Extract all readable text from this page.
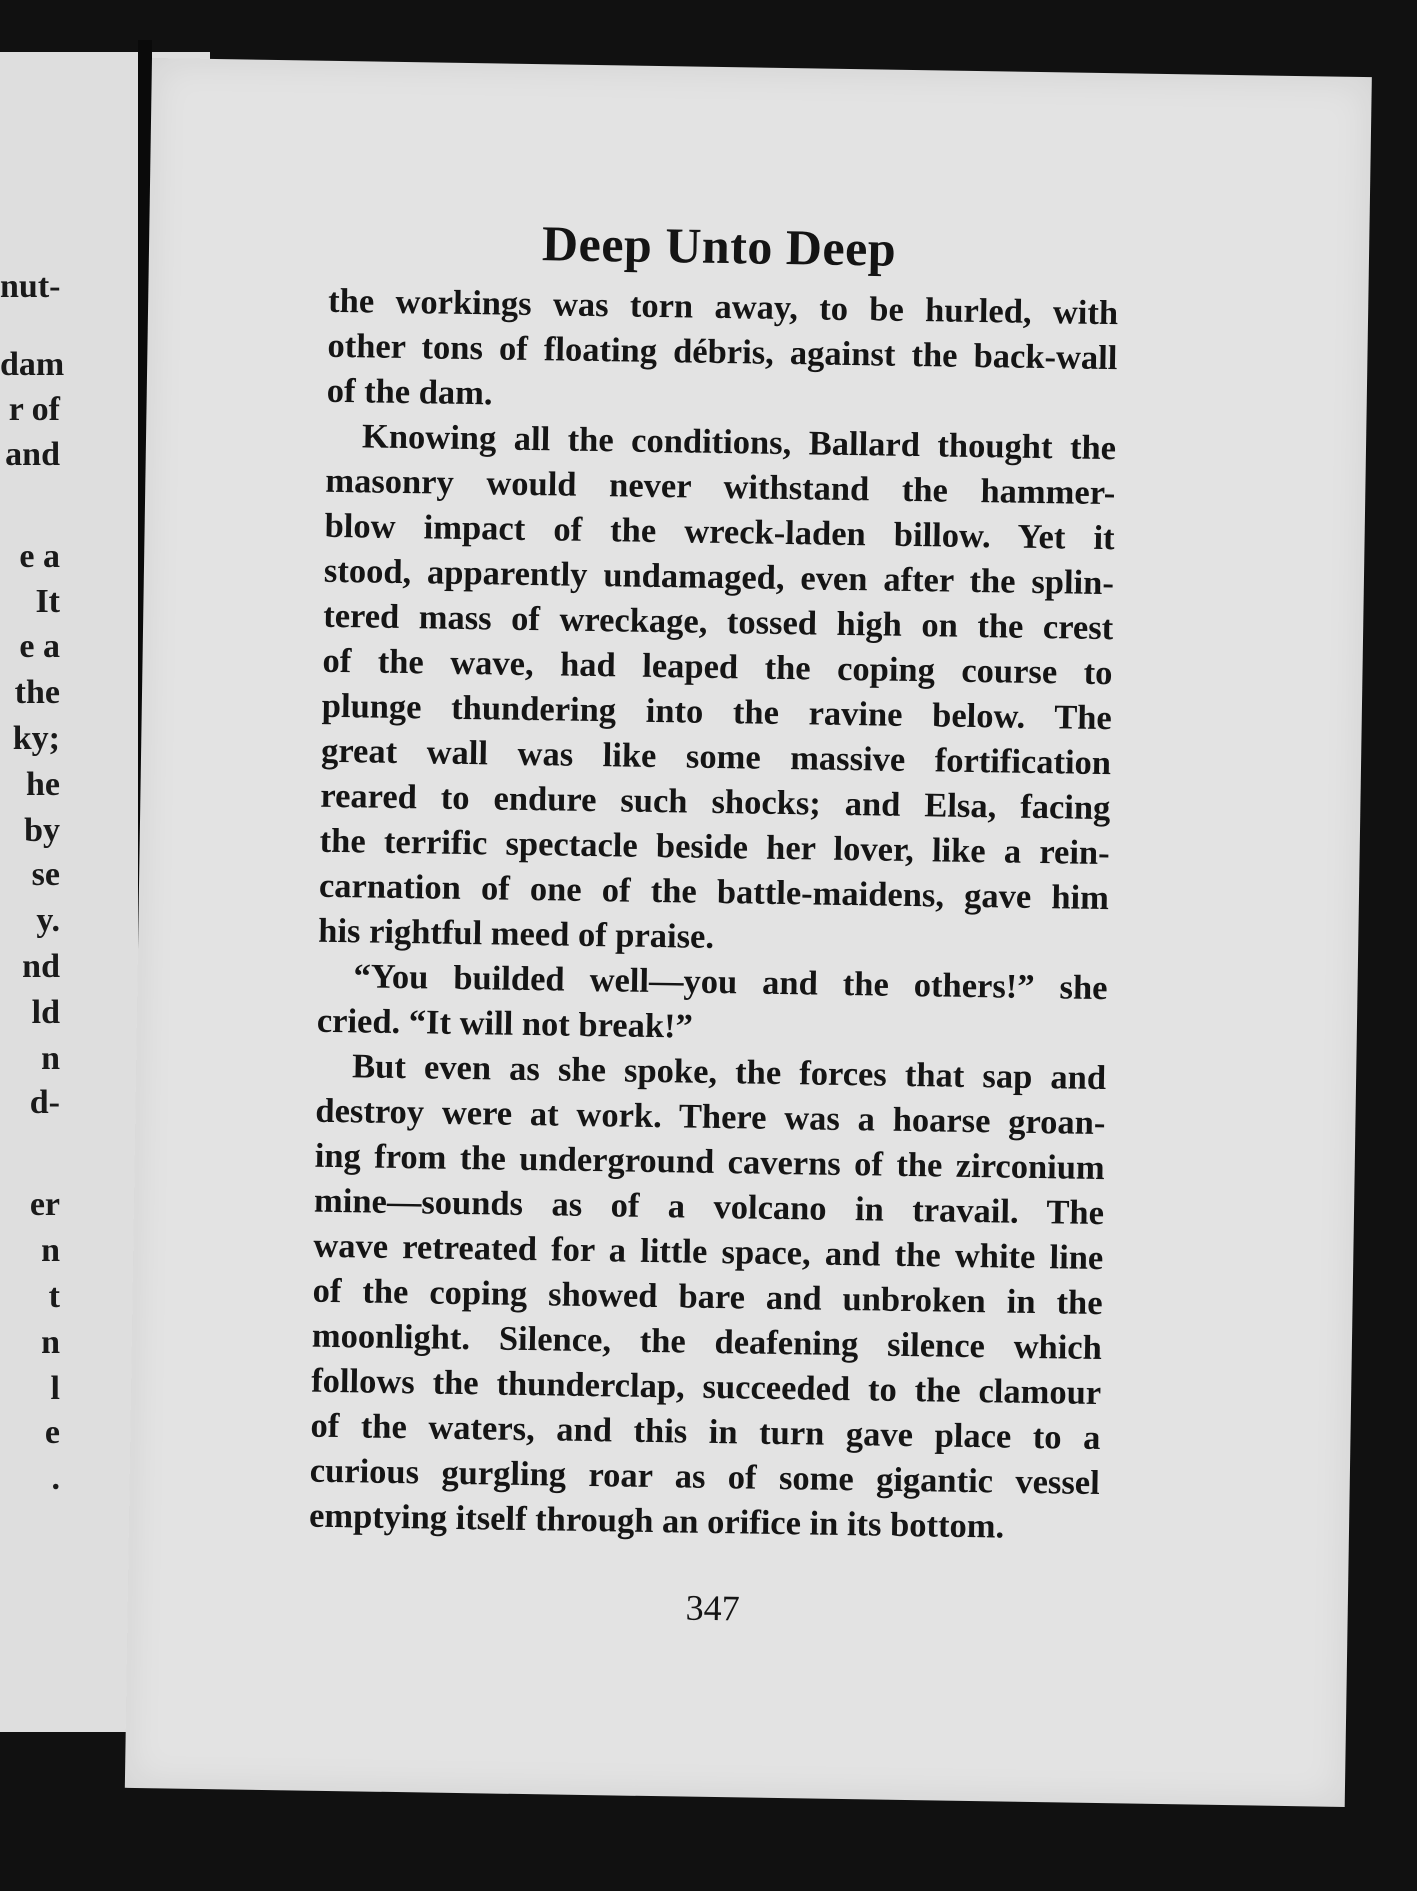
nut-
dam
r of
and
e a
It
e a
the
ky;
he
by
se
y.
nd
ld
n
d-
er
n
t
n
l
e
.
Deep Unto Deep
the workings was torn away, to be hurled, with
other tons of floating débris, against the back-wall
of the dam.
Knowing all the conditions, Ballard thought the
masonry would never withstand the hammer-
blow impact of the wreck-laden billow. Yet it
stood, apparently undamaged, even after the splin-
tered mass of wreckage, tossed high on the crest
of the wave, had leaped the coping course to
plunge thundering into the ravine below. The
great wall was like some massive fortification
reared to endure such shocks; and Elsa, facing
the terrific spectacle beside her lover, like a rein-
carnation of one of the battle-maidens, gave him
his rightful meed of praise.
“You builded well—you and the others!” she
cried. “It will not break!”
But even as she spoke, the forces that sap and
destroy were at work. There was a hoarse groan-
ing from the underground caverns of the zirconium
mine—sounds as of a volcano in travail. The
wave retreated for a little space, and the white line
of the coping showed bare and unbroken in the
moonlight. Silence, the deafening silence which
follows the thunderclap, succeeded to the clamour
of the waters, and this in turn gave place to a
curious gurgling roar as of some gigantic vessel
emptying itself through an orifice in its bottom.
347
